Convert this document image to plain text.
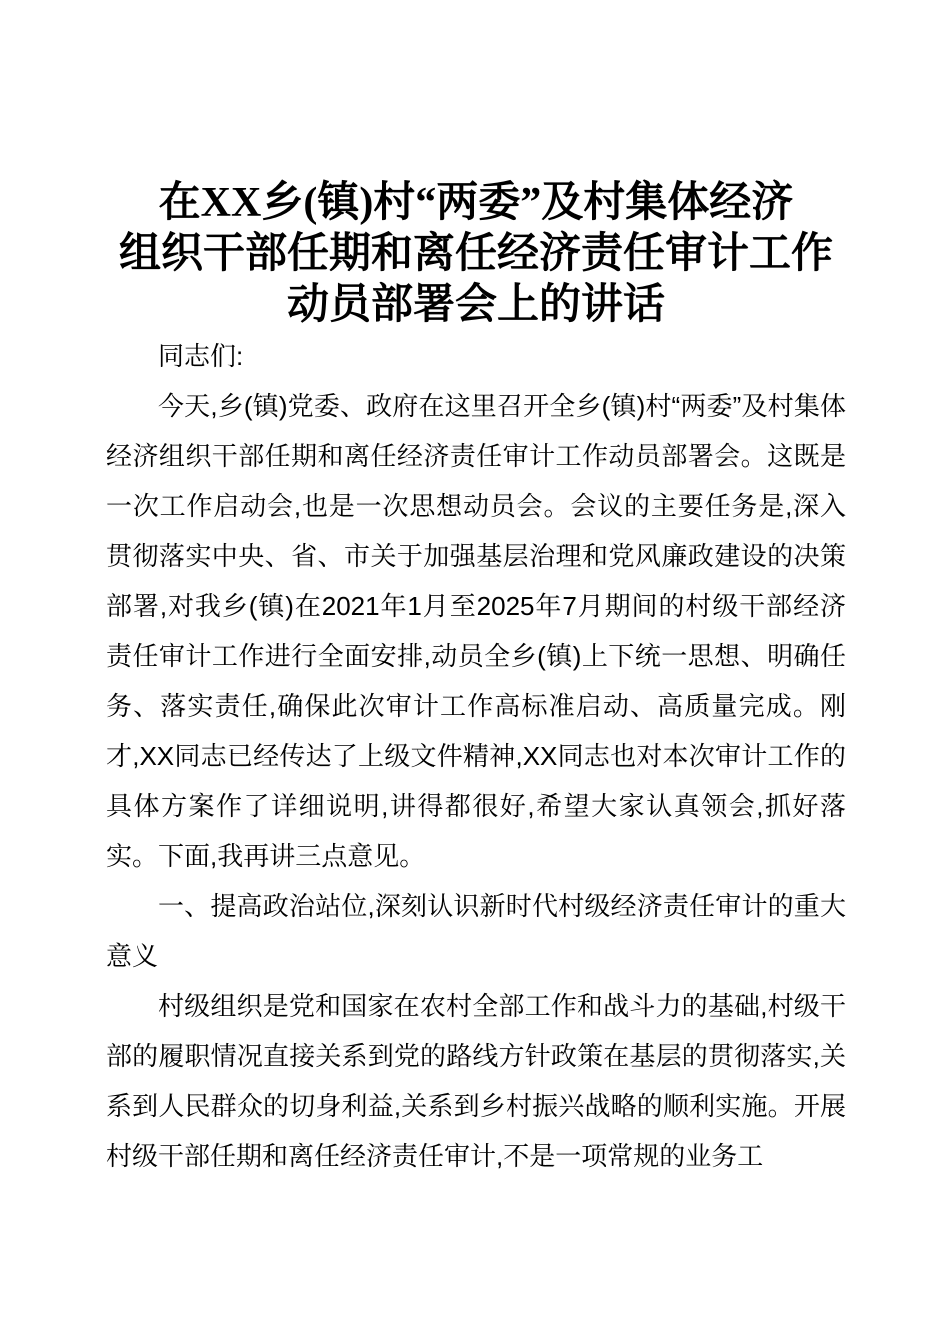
在XX乡(镇)村“两委”及村集体经济
组织干部任期和离任经济责任审计工作
动员部署会上的讲话

同志们:

今天,乡(镇)党委、政府在这里召开全乡(镇)村“两委”及村集体经济组织干部任期和离任经济责任审计工作动员部署会。这既是一次工作启动会,也是一次思想动员会。会议的主要任务是,深入贯彻落实中央、省、市关于加强基层治理和党风廉政建设的决策部署,对我乡(镇)在2021年1月至2025年7月期间的村级干部经济责任审计工作进行全面安排,动员全乡(镇)上下统一思想、明确任务、落实责任,确保此次审计工作高标准启动、高质量完成。刚才,XX同志已经传达了上级文件精神,XX同志也对本次审计工作的具体方案作了详细说明,讲得都很好,希望大家认真领会,抓好落实。下面,我再讲三点意见。

一、提高政治站位,深刻认识新时代村级经济责任审计的重大意义

村级组织是党和国家在农村全部工作和战斗力的基础,村级干部的履职情况直接关系到党的路线方针政策在基层的贯彻落实,关系到人民群众的切身利益,关系到乡村振兴战略的顺利实施。开展村级干部任期和离任经济责任审计,不是一项常规的业务工
